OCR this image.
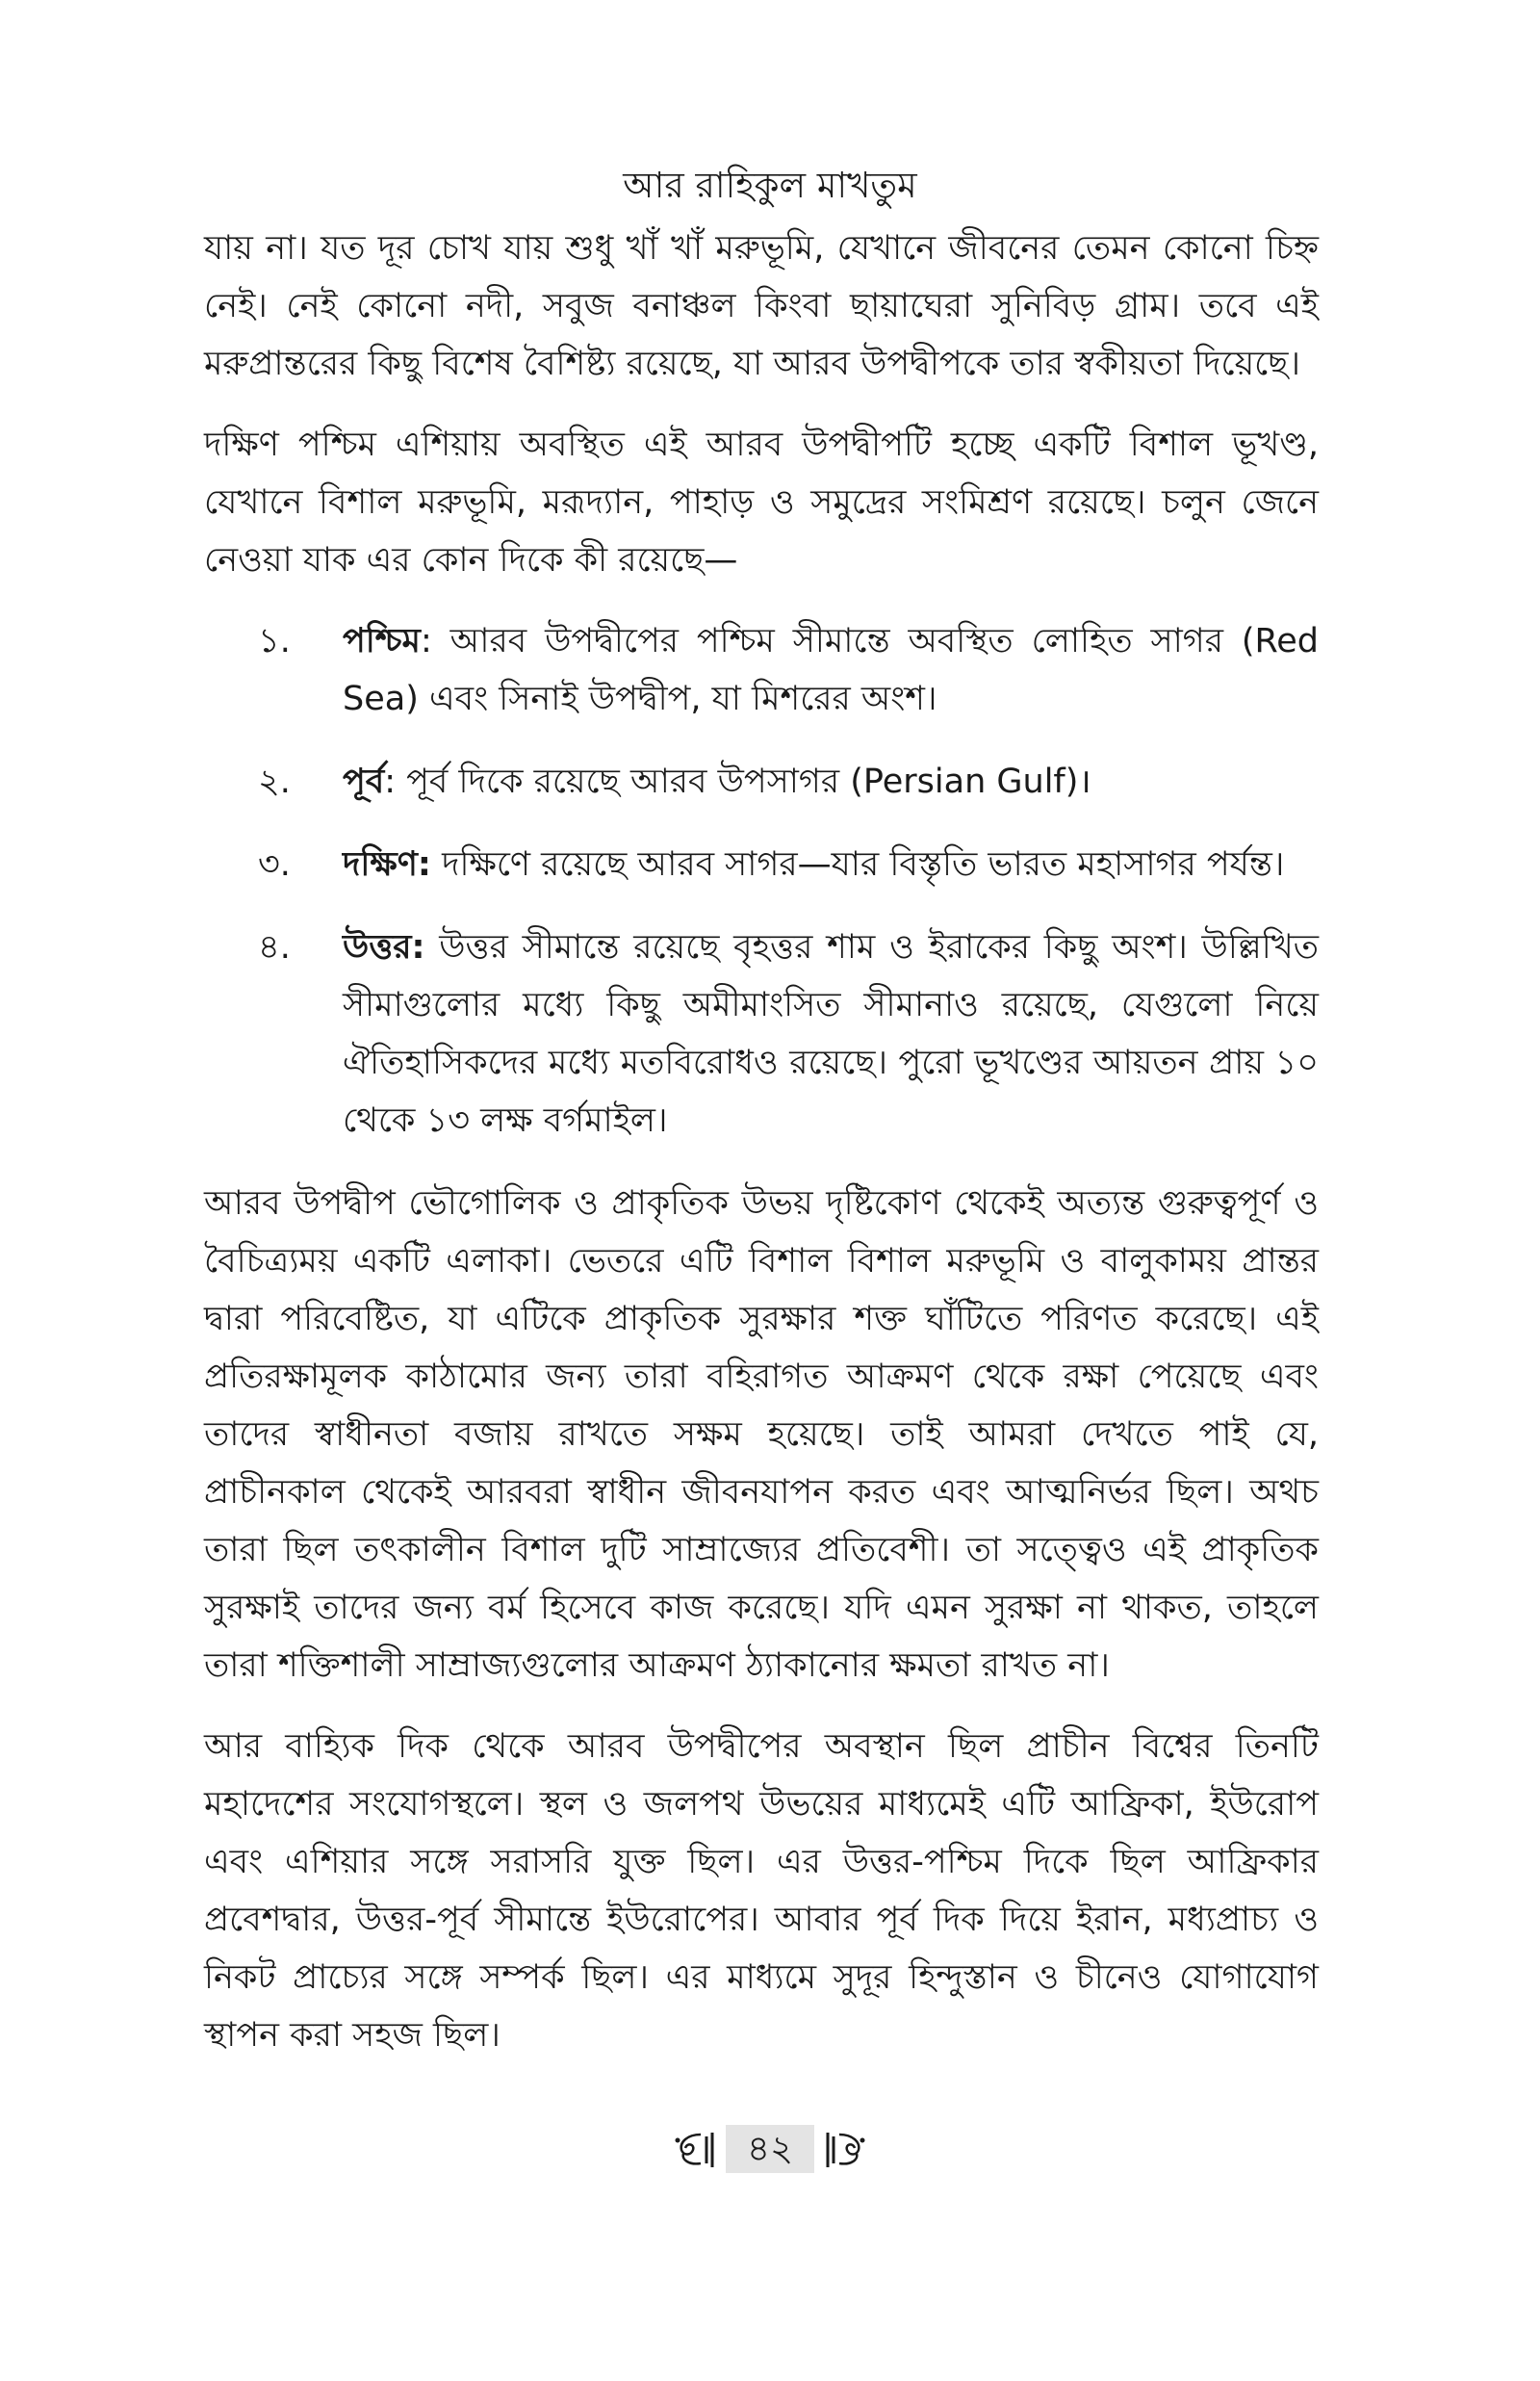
আর রাহিকুল মাখতুম

যায় না। যত দূর চোখ যায় শুধু খাঁ খাঁ মরুভূমি, যেখানে জীবনের তেমন কোনো চিহ্ন নেই। নেই কোনো নদী, সবুজ বনাঞ্চল কিংবা ছায়াঘেরা সুনিবিড় গ্রাম। তবে এই মরুপ্রান্তরের কিছু বিশেষ বৈশিষ্ট্য রয়েছে, যা আরব উপদ্বীপকে তার স্বকীয়তা দিয়েছে।

দক্ষিণ পশ্চিম এশিয়ায় অবস্থিত এই আরব উপদ্বীপটি হচ্ছে একটি বিশাল ভূখণ্ড, যেখানে বিশাল মরুভূমি, মরূদ্যান, পাহাড় ও সমুদ্রের সংমিশ্রণ রয়েছে। চলুন জেনে নেওয়া যাক এর কোন দিকে কী রয়েছে—

১. পশ্চিম: আরব উপদ্বীপের পশ্চিম সীমান্তে অবস্থিত লোহিত সাগর (Red Sea) এবং সিনাই উপদ্বীপ, যা মিশরের অংশ।
২. পূর্ব: পূর্ব দিকে রয়েছে আরব উপসাগর (Persian Gulf)।
৩. দক্ষিণ: দক্ষিণে রয়েছে আরব সাগর—যার বিস্তৃতি ভারত মহাসাগর পর্যন্ত।
৪. উত্তর: উত্তর সীমান্তে রয়েছে বৃহত্তর শাম ও ইরাকের কিছু অংশ। উল্লিখিত সীমাগুলোর মধ্যে কিছু অমীমাংসিত সীমানাও রয়েছে, যেগুলো নিয়ে ঐতিহাসিকদের মধ্যে মতবিরোধও রয়েছে। পুরো ভূখণ্ডের আয়তন প্রায় ১০ থেকে ১৩ লক্ষ বর্গমাইল।

আরব উপদ্বীপ ভৌগোলিক ও প্রাকৃতিক উভয় দৃষ্টিকোণ থেকেই অত্যন্ত গুরুত্বপূর্ণ ও বৈচিত্র্যময় একটি এলাকা। ভেতরে এটি বিশাল বিশাল মরুভূমি ও বালুকাময় প্রান্তর দ্বারা পরিবেষ্টিত, যা এটিকে প্রাকৃতিক সুরক্ষার শক্ত ঘাঁটিতে পরিণত করেছে। এই প্রতিরক্ষামূলক কাঠামোর জন্য তারা বহিরাগত আক্রমণ থেকে রক্ষা পেয়েছে এবং তাদের স্বাধীনতা বজায় রাখতে সক্ষম হয়েছে। তাই আমরা দেখতে পাই যে, প্রাচীনকাল থেকেই আরবরা স্বাধীন জীবনযাপন করত এবং আত্মনির্ভর ছিল। অথচ তারা ছিল তৎকালীন বিশাল দুটি সাম্রাজ্যের প্রতিবেশী। তা সত্ত্বেও এই প্রাকৃতিক সুরক্ষাই তাদের জন্য বর্ম হিসেবে কাজ করেছে। যদি এমন সুরক্ষা না থাকত, তাহলে তারা শক্তিশালী সাম্রাজ্যগুলোর আক্রমণ ঠ্যাকানোর ক্ষমতা রাখত না।

আর বাহ্যিক দিক থেকে আরব উপদ্বীপের অবস্থান ছিল প্রাচীন বিশ্বের তিনটি মহাদেশের সংযোগস্থলে। স্থল ও জলপথ উভয়ের মাধ্যমেই এটি আফ্রিকা, ইউরোপ এবং এশিয়ার সঙ্গে সরাসরি যুক্ত ছিল। এর উত্তর-পশ্চিম দিকে ছিল আফ্রিকার প্রবেশদ্বার, উত্তর-পূর্ব সীমান্তে ইউরোপের। আবার পূর্ব দিক দিয়ে ইরান, মধ্যপ্রাচ্য ও নিকট প্রাচ্যের সঙ্গে সম্পর্ক ছিল। এর মাধ্যমে সুদূর হিন্দুস্তান ও চীনেও যোগাযোগ স্থাপন করা সহজ ছিল।

৪২
